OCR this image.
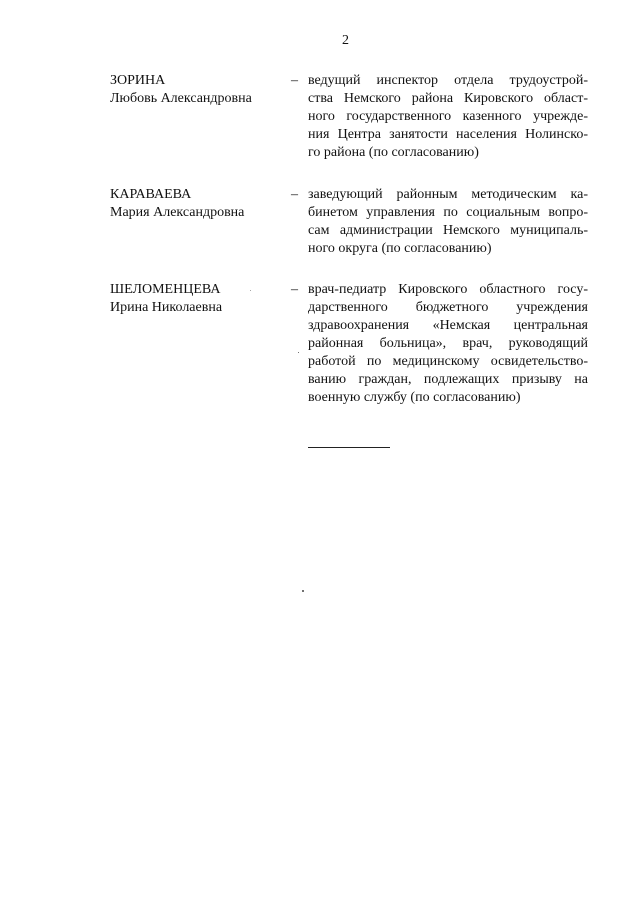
2
ЗОРИНА
Любовь Александровна
– ведущий инспектор отдела трудоустрой-
ства Немского района Кировского област-
ного государственного казенного учрежде-
ния Центра занятости населения Нолинско-
го района (по согласованию)
КАРАВАЕВА
Мария Александровна
– заведующий районным методическим ка-
бинетом управления по социальным вопро-
сам администрации Немского муниципаль-
ного округа (по согласованию)
ШЕЛОМЕНЦЕВА
Ирина Николаевна
– врач-педиатр Кировского областного госу-
дарственного бюджетного учреждения
здравоохранения «Немская центральная
районная больница», врач, руководящий
работой по медицинскому освидетельство-
ванию граждан, подлежащих призыву на
военную службу (по согласованию)
